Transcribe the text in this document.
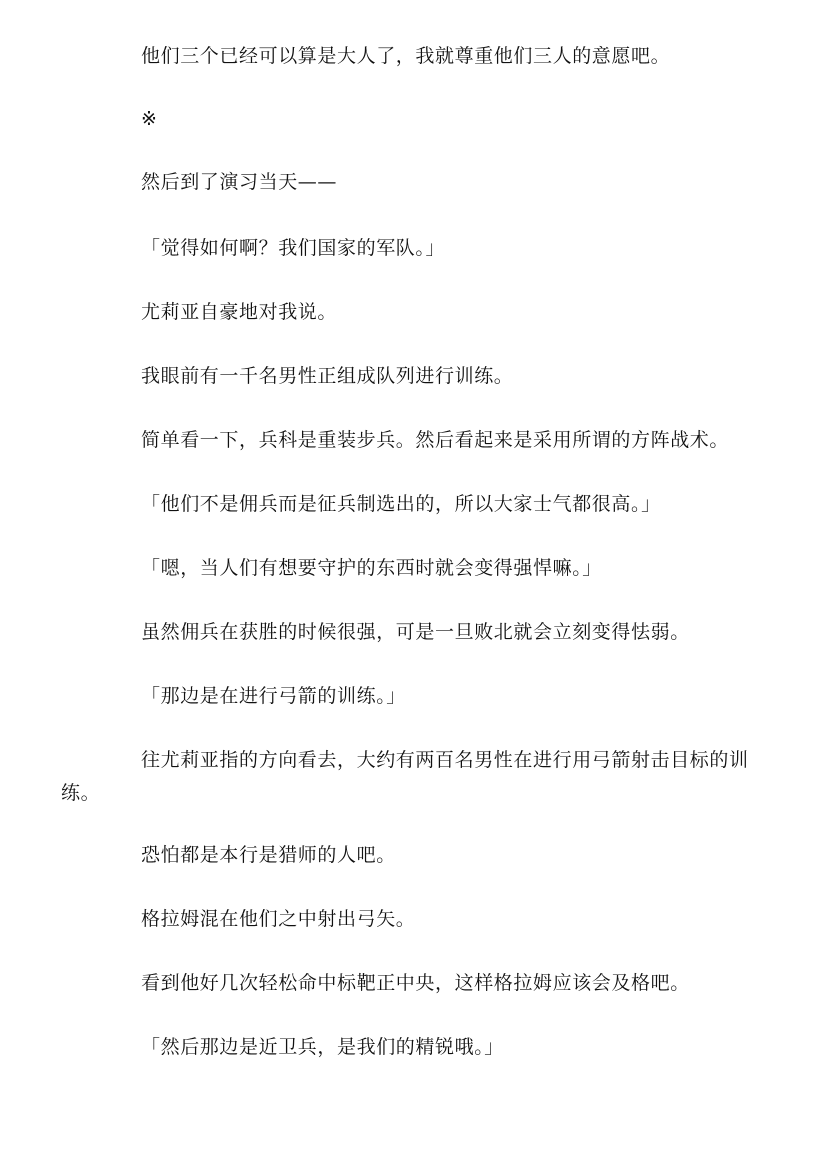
他们三个已经可以算是大人了，我就尊重他们三人的意愿吧。

※

然后到了演习当天——

「觉得如何啊？我们国家的军队。」

尤莉亚自豪地对我说。

我眼前有一千名男性正组成队列进行训练。

简单看一下，兵科是重装步兵。然后看起来是采用所谓的方阵战术。

「他们不是佣兵而是征兵制选出的，所以大家士气都很高。」

「嗯，当人们有想要守护的东西时就会变得强悍嘛。」

虽然佣兵在获胜的时候很强，可是一旦败北就会立刻变得怯弱。

「那边是在进行弓箭的训练。」

往尤莉亚指的方向看去，大约有两百名男性在进行用弓箭射击目标的训练。

恐怕都是本行是猎师的人吧。

格拉姆混在他们之中射出弓矢。

看到他好几次轻松命中标靶正中央，这样格拉姆应该会及格吧。

「然后那边是近卫兵，是我们的精锐哦。」
